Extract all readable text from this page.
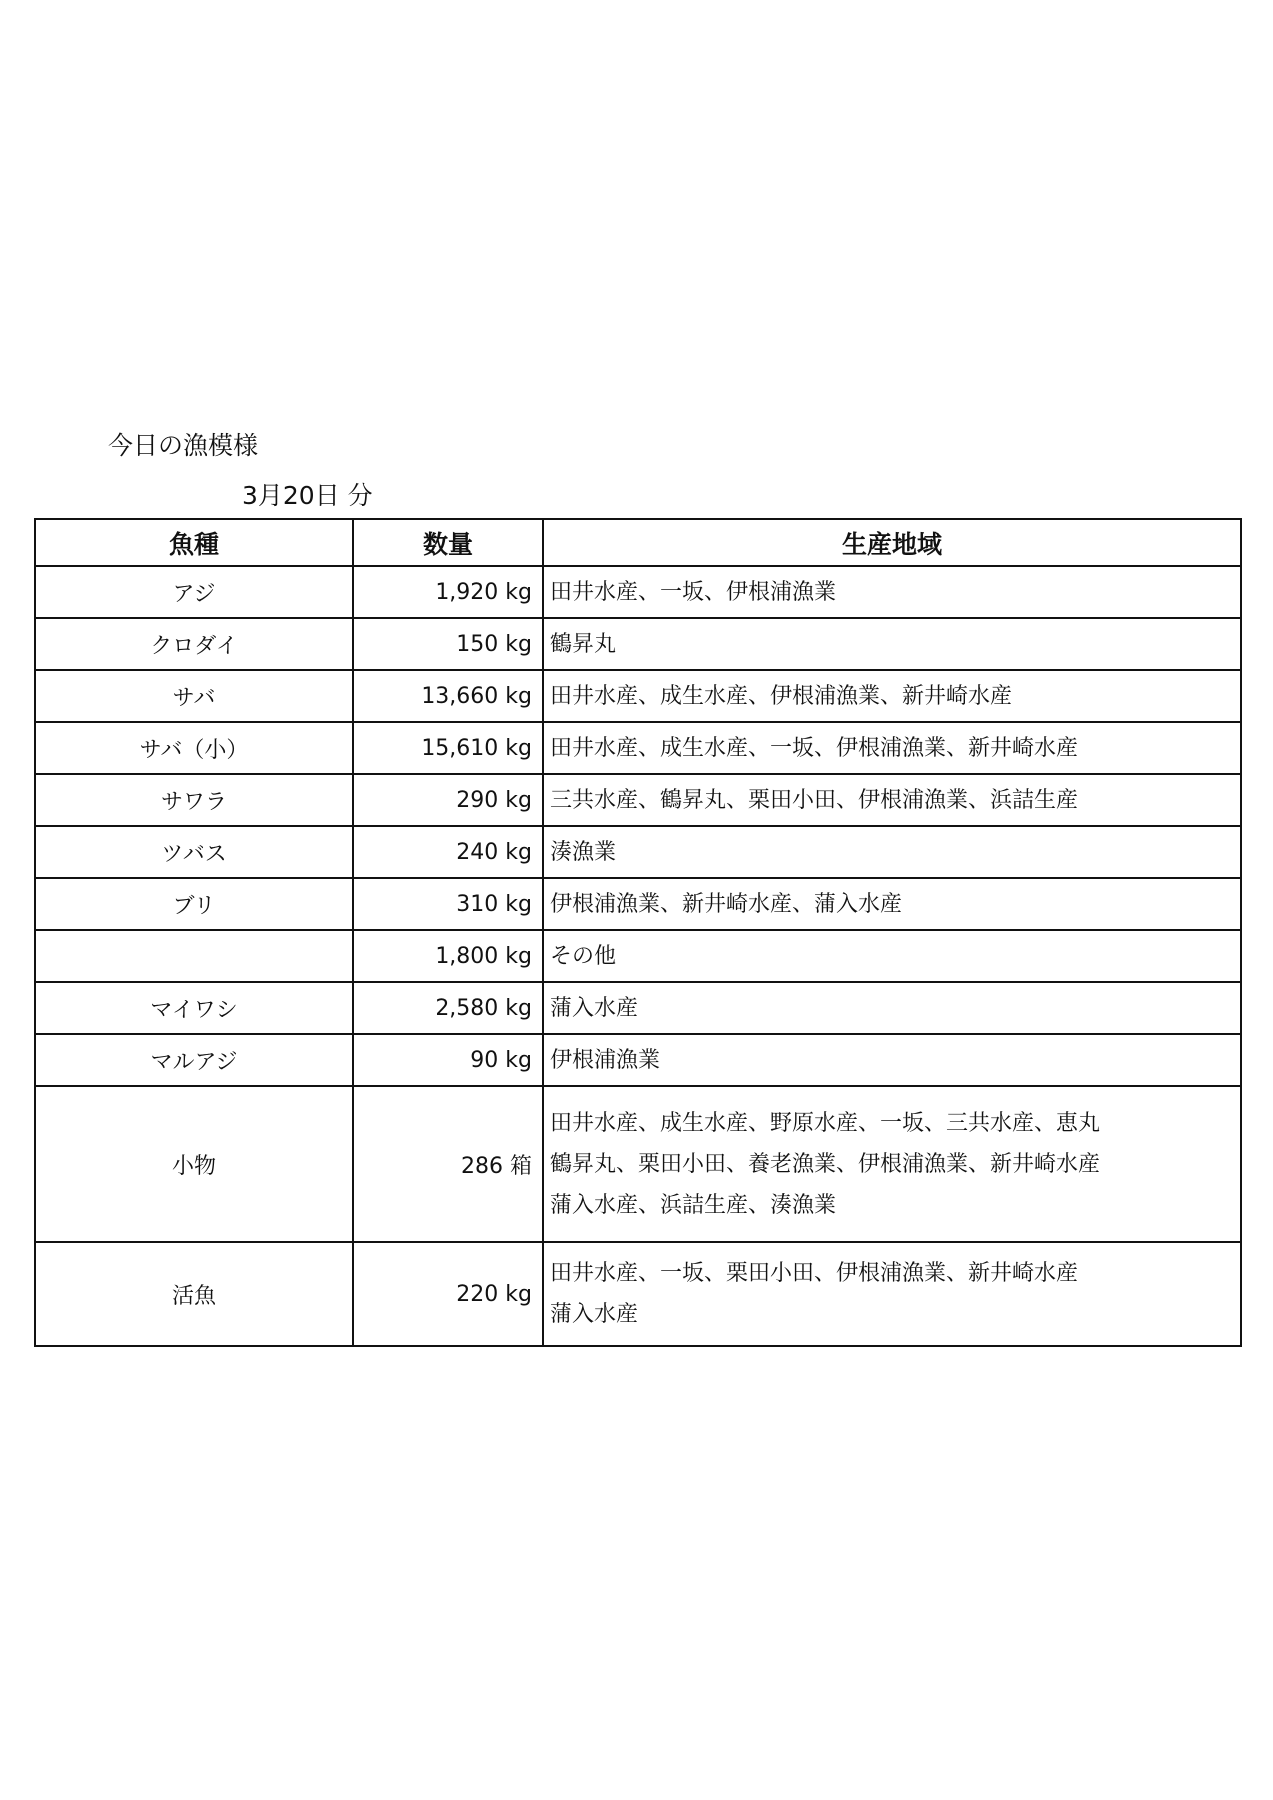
今日の漁模様
3月20日 分
魚種	数量	生産地域
アジ	1,920 kg	田井水産、一坂、伊根浦漁業

クロダイ	150 kg	鶴昇丸

サバ	13,660 kg	田井水産、成生水産、伊根浦漁業、新井崎水産

サバ（小）	15,610 kg	田井水産、成生水産、一坂、伊根浦漁業、新井崎水産

サワラ	290 kg	三共水産、鶴昇丸、栗田小田、伊根浦漁業、浜詰生産

ツバス	240 kg	湊漁業

ブリ	310 kg	伊根浦漁業、新井崎水産、蒲入水産

	1,800 kg	その他

マイワシ	2,580 kg	蒲入水産

マルアジ	90 kg	伊根浦漁業

小物	286 箱	田井水産、成生水産、野原水産、一坂、三共水産、恵丸
鶴昇丸、栗田小田、養老漁業、伊根浦漁業、新井崎水産
蒲入水産、浜詰生産、湊漁業

活魚	220 kg	田井水産、一坂、栗田小田、伊根浦漁業、新井崎水産
蒲入水産
